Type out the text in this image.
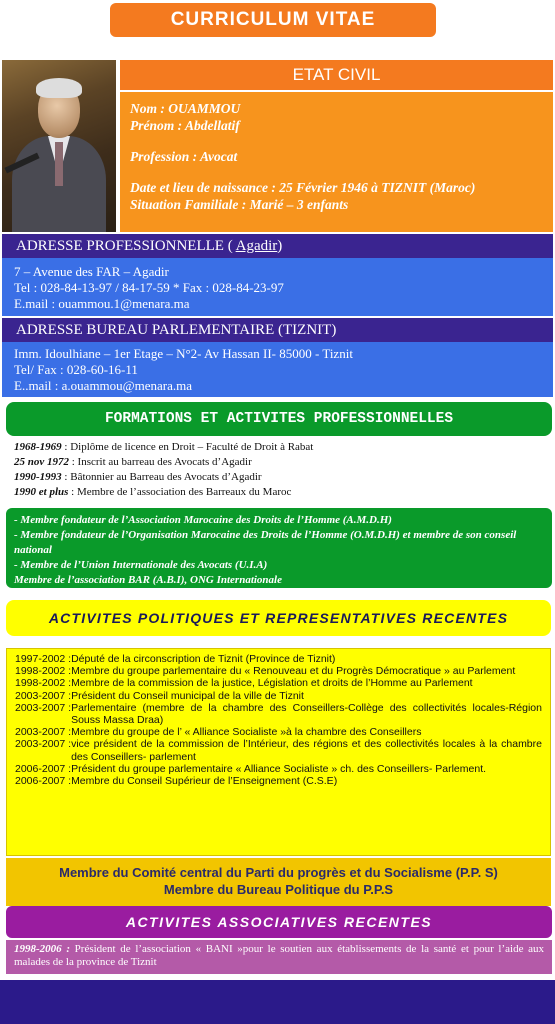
CURRICULUM VITAE
ETAT CIVIL
Nom : OUAMMOU
Prénom : Abdellatif
Profession : Avocat
Date et lieu de naissance : 25 Février 1946 à TIZNIT (Maroc)
Situation Familiale : Marié – 3 enfants
ADRESSE PROFESSIONNELLE ( Agadir)
7 – Avenue des FAR – Agadir
Tel : 028-84-13-97 / 84-17-59 * Fax : 028-84-23-97
E.mail : ouammou.1@menara.ma
ADRESSE BUREAU PARLEMENTAIRE (TIZNIT)
Imm. Idoulhiane – 1er Etage – N°2- Av Hassan II- 85000 - Tiznit
Tel/ Fax : 028-60-16-11
E..mail : a.ouammou@menara.ma
FORMATIONS ET ACTIVITES PROFESSIONNELLES
1968-1969 : Diplôme de licence en Droit – Faculté de Droit à Rabat
25 nov 1972 : Inscrit au barreau des Avocats d’Agadir
1990-1993 : Bâtonnier au Barreau des Avocats d’Agadir
1990 et plus : Membre de l’association des Barreaux du Maroc
- Membre fondateur de l’Association Marocaine des Droits de l’Homme (A.M.D.H)
- Membre fondateur de l’Organisation Marocaine des Droits de l’Homme (O.M.D.H) et membre de son conseil national
- Membre de l’Union Internationale des Avocats (U.I.A)
Membre de l’association BAR (A.B.I), ONG Internationale
ACTIVITES POLITIQUES ET REPRESENTATIVES RECENTES
1997-2002 : Député de la circonscription de Tiznit (Province de Tiznit)
1998-2002 : Membre du groupe parlementaire du « Renouveau et du Progrès Démocratique » au Parlement
1998-2002 : Membre de la commission de la justice, Législation et droits de l’Homme au Parlement
2003-2007 : Président du Conseil municipal de la ville de Tiznit
2003-2007 : Parlementaire (membre de la chambre des Conseillers-Collège des collectivités locales-Région Souss Massa Draa)
2003-2007 : Membre du groupe de l’ « Alliance Socialiste »à la chambre des Conseillers
2003-2007 : vice président de la commission de l’Intérieur, des régions et des collectivités locales à la chambre des Conseillers- parlement
2006-2007 : Président du groupe parlementaire « Alliance Socialiste » ch. des Conseillers- Parlement.
2006-2007 : Membre du Conseil Supérieur de l’Enseignement (C.S.E)
Membre du Comité central du Parti du progrès et du Socialisme (P.P. S)
Membre du Bureau Politique du P.P.S
ACTIVITES ASSOCIATIVES RECENTES
1998-2006 : Président de l’association « BANI »pour le soutien aux établissements de la santé et pour l’aide aux malades de la province de Tiznit
